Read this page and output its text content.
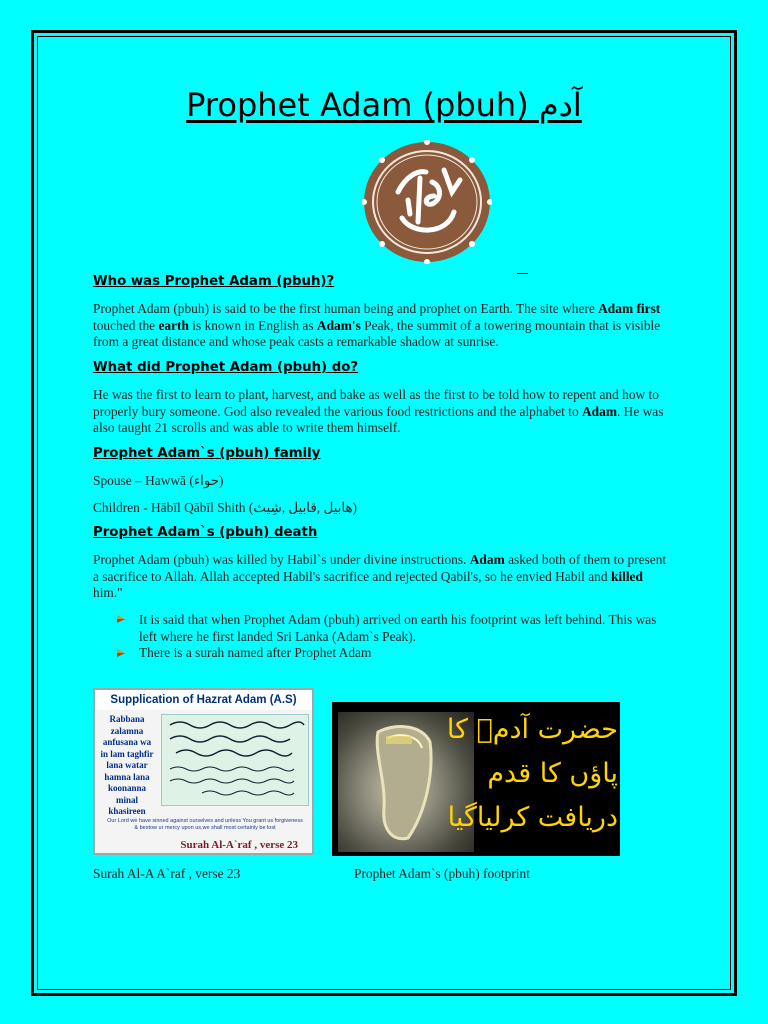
Prophet Adam (pbuh) آدم
Who was Prophet Adam (pbuh)?
Prophet Adam (pbuh) is said to be the first human being and prophet on Earth. The site where Adam first touched the earth is known in English as Adam's Peak, the summit of a towering mountain that is visible from a great distance and whose peak casts a remarkable shadow at sunrise.
What did Prophet Adam (pbuh) do?
He was the first to learn to plant, harvest, and bake as well as the first to be told how to repent and how to properly bury someone. God also revealed the various food restrictions and the alphabet to Adam. He was also taught 21 scrolls and was able to write them himself.
Prophet Adam`s (pbuh) family
Spouse – Hawwā (حواء)
Children - Hābīl Qābīl Shith (هابيل ,قابيل ,شِيث)
Prophet Adam`s (pbuh) death
Prophet Adam (pbuh) was killed by Habil`s under divine instructions. Adam asked both of them to present a sacrifice to Allah. Allah accepted Habil's sacrifice and rejected Qabil's, so he envied Habil and killed him."
It is said that when Prophet Adam (pbuh) arrived on earth his footprint was left behind. This was left where he first landed Sri Lanka (Adam`s Peak).
There is a surah named after Prophet Adam
Supplication of Hazrat Adam (A.S)
Rabbana
zalamna
anfusana wa
in lam taghfir
lana watar
hamna lana
koonanna
minal
khasireen
Our Lord we have sinned against ourselves and unless You grant us forgiveness & bestow ur mercy upon us,we shall most certainly be lost
Surah Al-A`raf , verse 23
حضرت آدمؑ کا
پاؤں کا قدم
دریافت کرلیاگیا
Surah Al-A A`raf , verse 23	Prophet Adam`s (pbuh) footprint
